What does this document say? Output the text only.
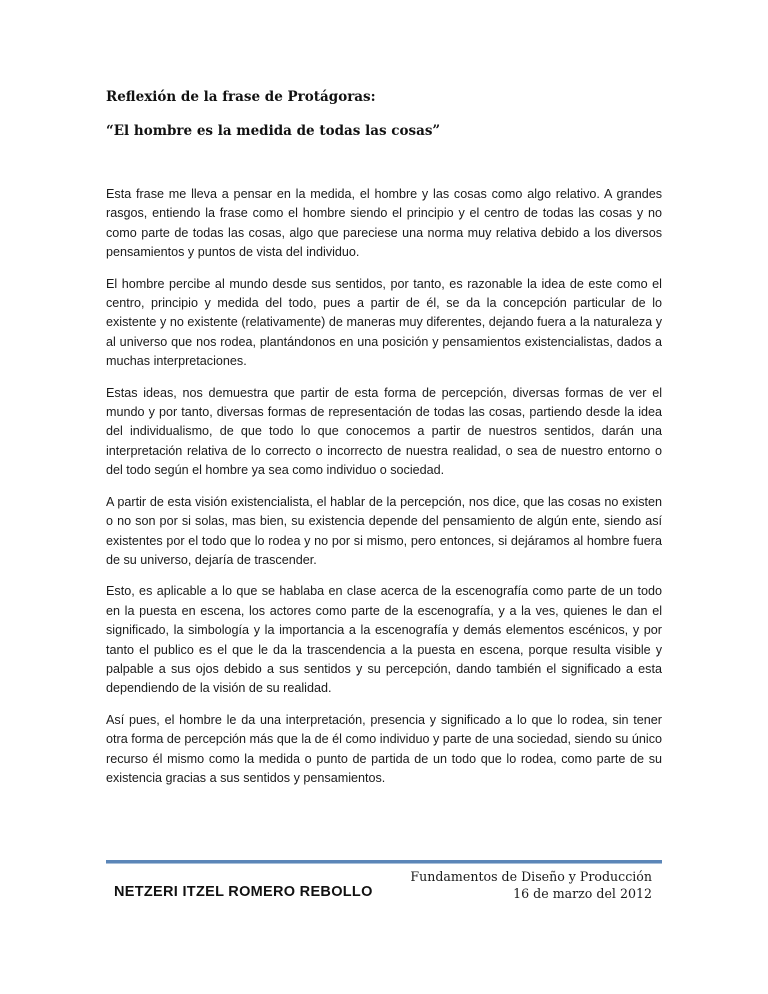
Reflexión de la frase de Protágoras:
“El hombre es la medida de todas las cosas”

Esta frase me lleva a pensar en la medida, el hombre y las cosas como algo relativo. A grandes rasgos, entiendo la frase como el hombre siendo el principio y el centro de todas las cosas y no como parte de todas las cosas, algo que pareciese una norma muy relativa debido a los diversos pensamientos y puntos de vista del individuo.

El hombre percibe al mundo desde sus sentidos, por tanto, es razonable la idea de este como el centro, principio y medida del todo, pues a partir de él, se da la concepción particular de lo existente y no existente (relativamente) de maneras muy diferentes, dejando fuera a la naturaleza y al universo que nos rodea, plantándonos en una posición y pensamientos existencialistas, dados a muchas interpretaciones.

Estas ideas, nos demuestra que partir de esta forma de percepción, diversas formas de ver el mundo y por tanto, diversas formas de representación de todas las cosas, partiendo desde la idea del individualismo, de que todo lo que conocemos a partir de nuestros sentidos, darán una interpretación relativa de lo correcto o incorrecto de nuestra realidad, o sea de nuestro entorno o del todo según el hombre ya sea como individuo o sociedad.

A partir de esta visión existencialista, el hablar de la percepción, nos dice, que las cosas no existen o no son por si solas, mas bien, su existencia depende del pensamiento de algún ente, siendo así existentes por el todo que lo rodea y no por si mismo, pero entonces, si dejáramos al hombre fuera de su universo, dejaría de trascender.

Esto, es aplicable a lo que se hablaba en clase acerca de la escenografía como parte de un todo en la puesta en escena, los actores como parte de la escenografía, y a la ves, quienes le dan el significado, la simbología y la importancia a la escenografía y demás elementos escénicos, y por tanto el publico es el que le da la trascendencia a la puesta en escena, porque resulta visible y palpable a sus ojos debido a sus sentidos y su percepción, dando también el significado a esta dependiendo de la visión de su realidad.

Así pues, el hombre le da una interpretación, presencia y significado a lo que lo rodea, sin tener otra forma de percepción más que la de él como individuo y parte de una sociedad, siendo su único recurso él mismo como la medida o punto de partida de un todo que lo rodea, como parte de su existencia gracias a sus sentidos y pensamientos.

Fundamentos de Diseño y Producción
16 de marzo del 2012
NETZERI ITZEL ROMERO REBOLLO
